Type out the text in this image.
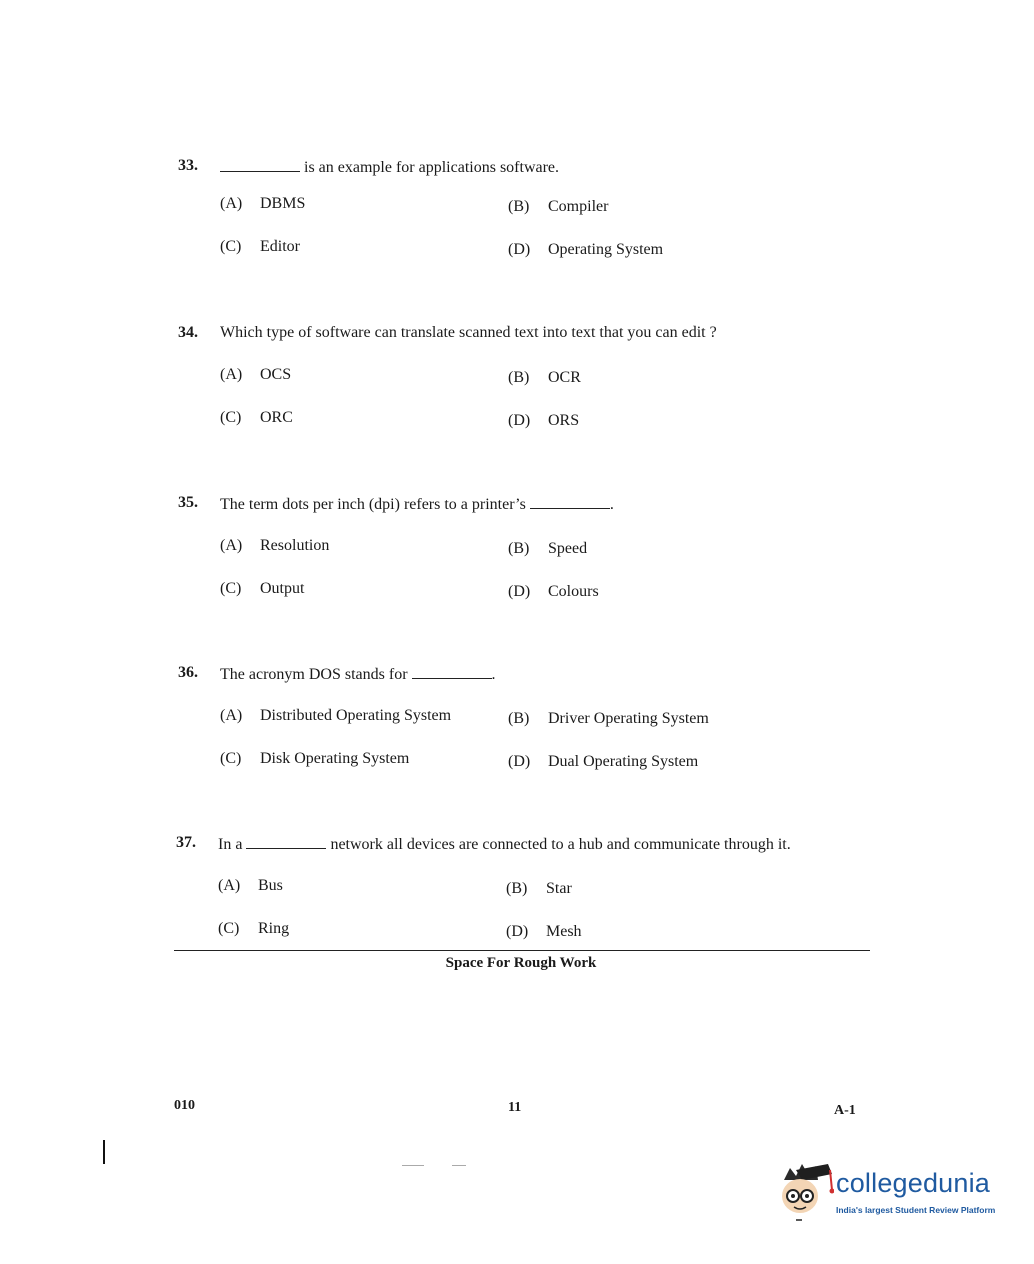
33.	is an example for applications software.
(A) DBMS	(B) Compiler
(C) Editor	(D) Operating System
34. Which type of software can translate scanned text into text that you can edit ?
(A) OCS	(B) OCR
(C) ORC	(D) ORS
35. The term dots per inch (dpi) refers to a printer’s	.
(A) Resolution	(B) Speed
(C) Output	(D) Colours
36. The acronym DOS stands for	.
(A) Distributed Operating System	(B) Driver Operating System
(C) Disk Operating System	(D) Dual Operating System
37. In a	network all devices are connected to a hub and communicate through it.
(A) Bus	(B) Star
(C) Ring	(D) Mesh
Space For Rough Work
010	11	A-1
collegedunia
India's largest Student Review Platform
